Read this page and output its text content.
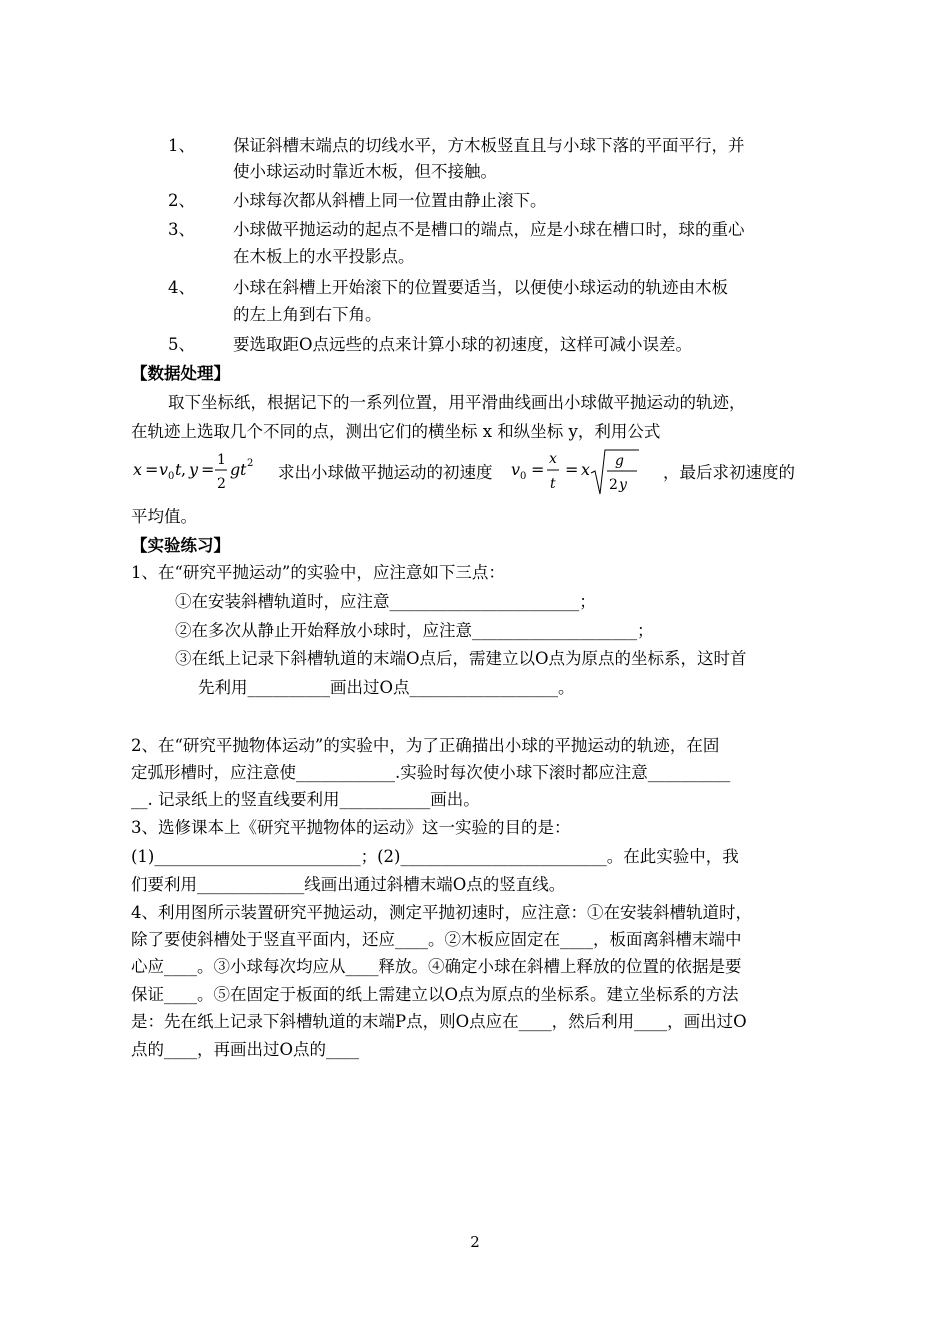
1、 保证斜槽末端点的切线水平，方木板竖直且与小球下落的平面平行，并
使小球运动时靠近木板，但不接触。
2、 小球每次都从斜槽上同一位置由静止滚下。
3、 小球做平抛运动的起点不是槽口的端点，应是小球在槽口时，球的重心
在木板上的水平投影点。
4、 小球在斜槽上开始滚下的位置要适当，以便使小球运动的轨迹由木板
的左上角到右下角。
5、 要选取距O点远些的点来计算小球的初速度，这样可减小误差。
【数据处理】
取下坐标纸，根据记下的一系列位置，用平滑曲线画出小球做平抛运动的轨迹，
在轨迹上选取几个不同的点，测出它们的横坐标 x 和纵坐标 y，利用公式
x = v 0 t , y = 1
2
g t 2 求出小球做平抛运动的初速度 v 0 =
x
t
= x g
2 y
，最后求初速度的
平均值。
【实验练习】
1、在“研究平抛运动”的实验中，应注意如下三点：
①在安装斜槽轨道时，应注意_______________________；
②在多次从静止开始释放小球时，应注意____________________；
③在纸上记录下斜槽轨道的末端O点后，需建立以O点为原点的坐标系，这时首
先利用__________画出过O点__________________。
2、在“研究平抛物体运动”的实验中，为了正确描出小球的平抛运动的轨迹，在固
定弧形槽时，应注意使____________.实验时每次使小球下滚时都应注意__________
__. 记录纸上的竖直线要利用___________画出。
3、选修课本上《研究平抛物体的运动》这一实验的目的是：
(1)_________________________；(2)_________________________。在此实验中，我
们要利用_____________线画出通过斜槽末端O点的竖直线。
4、利用图所示装置研究平抛运动，测定平抛初速时，应注意：①在安装斜槽轨道时，
除了要使斜槽处于竖直平面内，还应____。②木板应固定在____，板面离斜槽末端中
心应____。③小球每次均应从____释放。④确定小球在斜槽上释放的位置的依据是要
保证____。⑤在固定于板面的纸上需建立以O点为原点的坐标系。建立坐标系的方法
是：先在纸上记录下斜槽轨道的末端P点，则O点应在____，然后利用____，画出过O
点的____，再画出过O点的____
2
